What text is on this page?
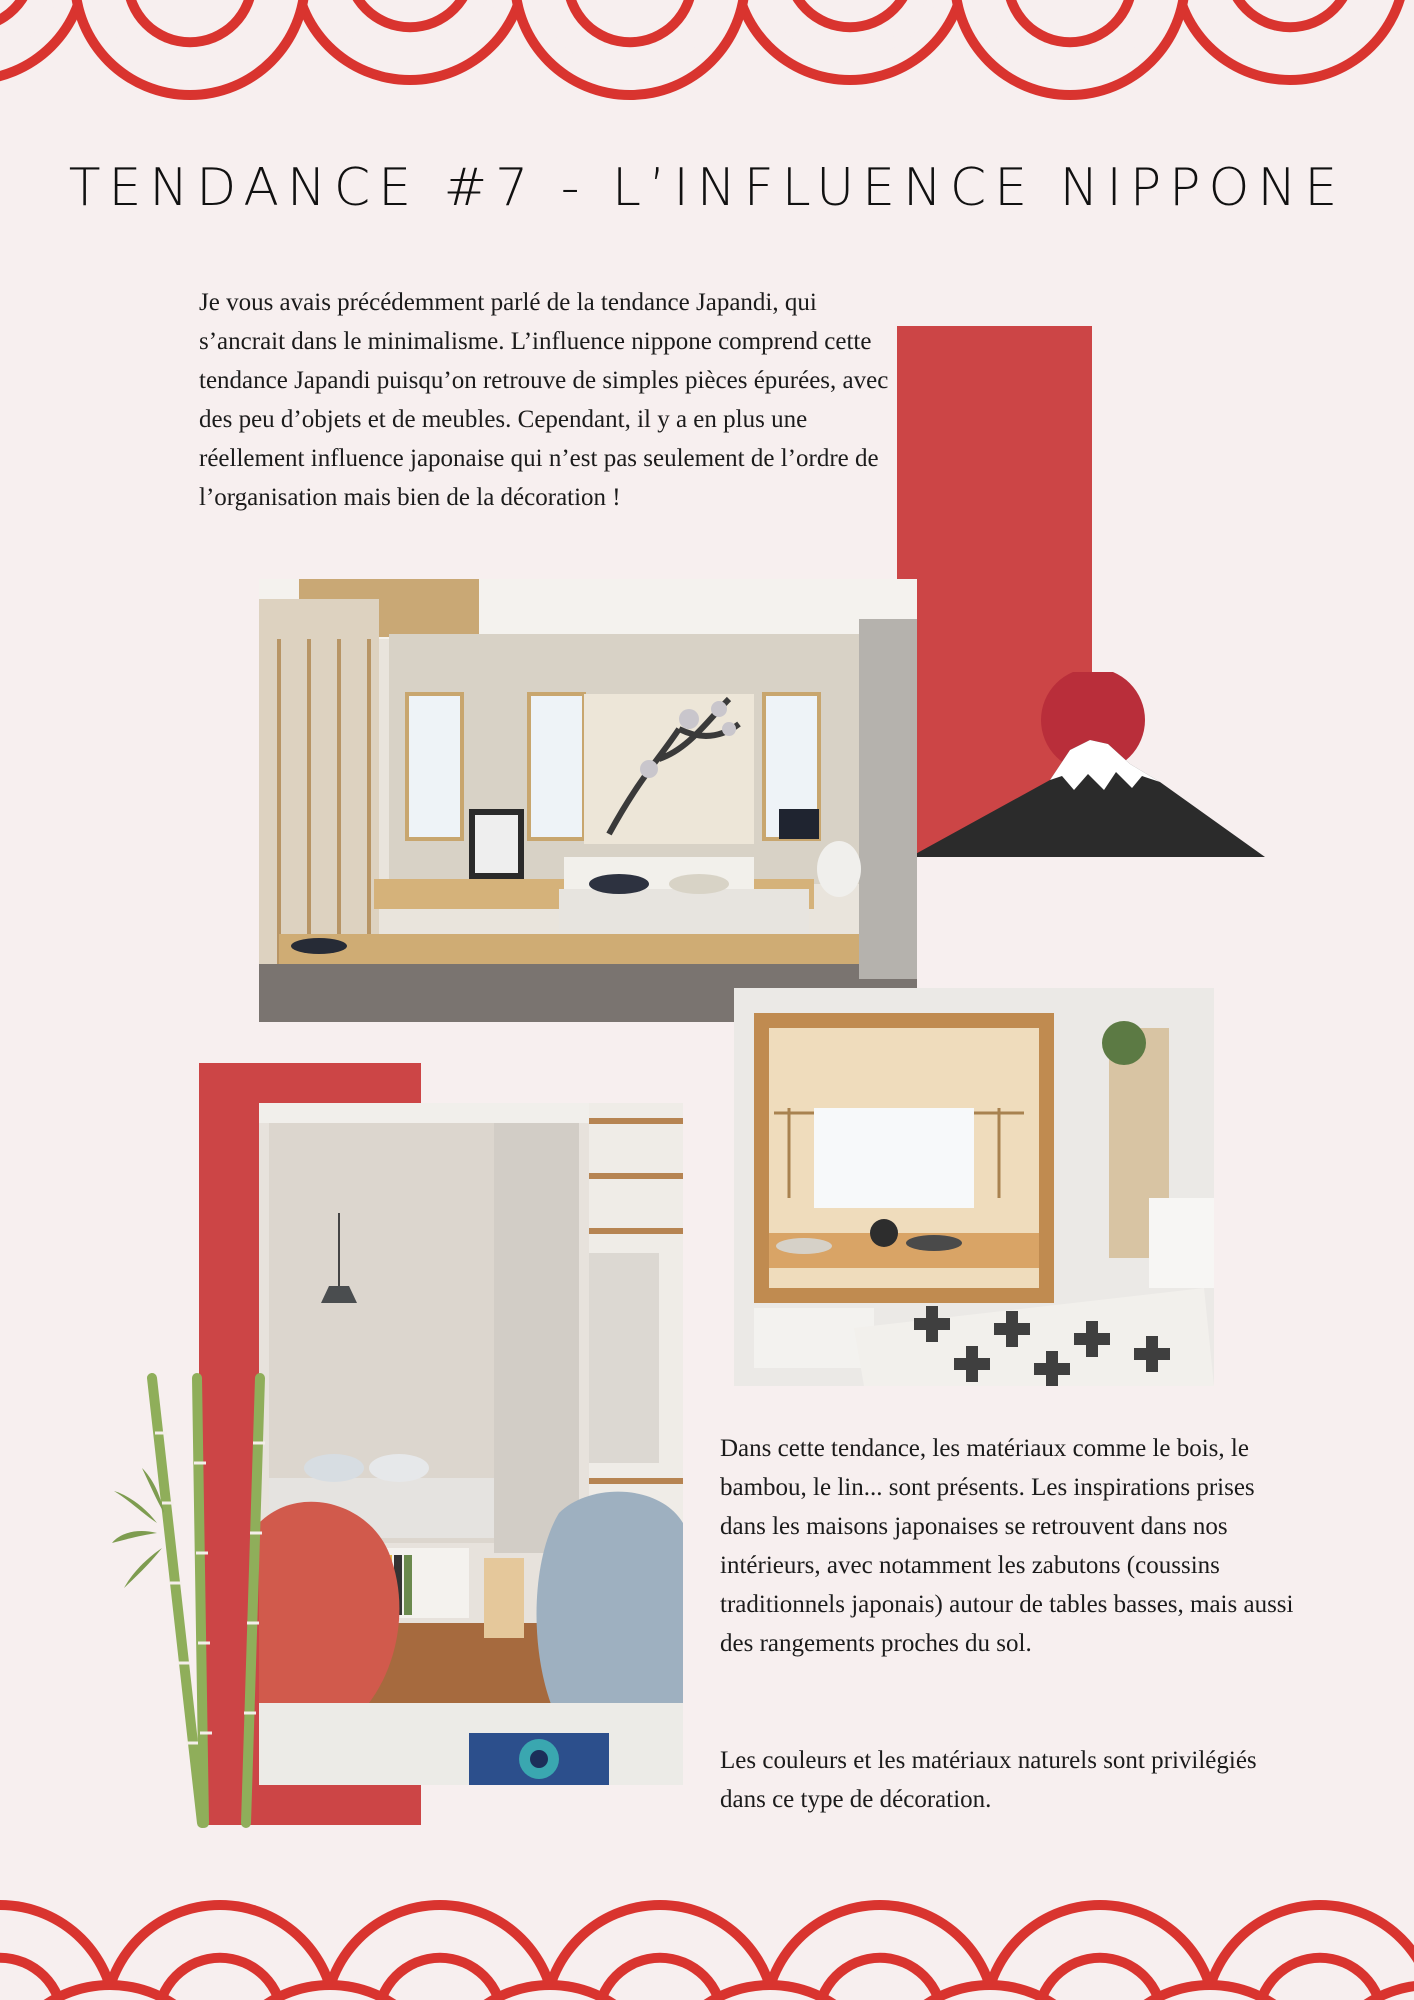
TENDANCE #7 - L’INFLUENCE NIPPONE

Je vous avais précédemment parlé de la tendance Japandi, qui s’ancrait dans le minimalisme. L’influence nippone comprend cette tendance Japandi puisqu’on retrouve de simples pièces épurées, avec des peu d’objets et de meubles. Cependant, il y a en plus une réellement influence japonaise qui n’est pas seulement de l’ordre de l’organisation mais bien de la décoration !

Dans cette tendance, les matériaux comme le bois, le bambou, le lin... sont présents. Les inspirations prises dans les maisons japonaises se retrouvent dans nos intérieurs, avec notamment les zabutons (coussins traditionnels japonais) autour de tables basses, mais aussi des rangements proches du sol.

Les couleurs et les matériaux naturels sont privilégiés dans ce type de décoration.
